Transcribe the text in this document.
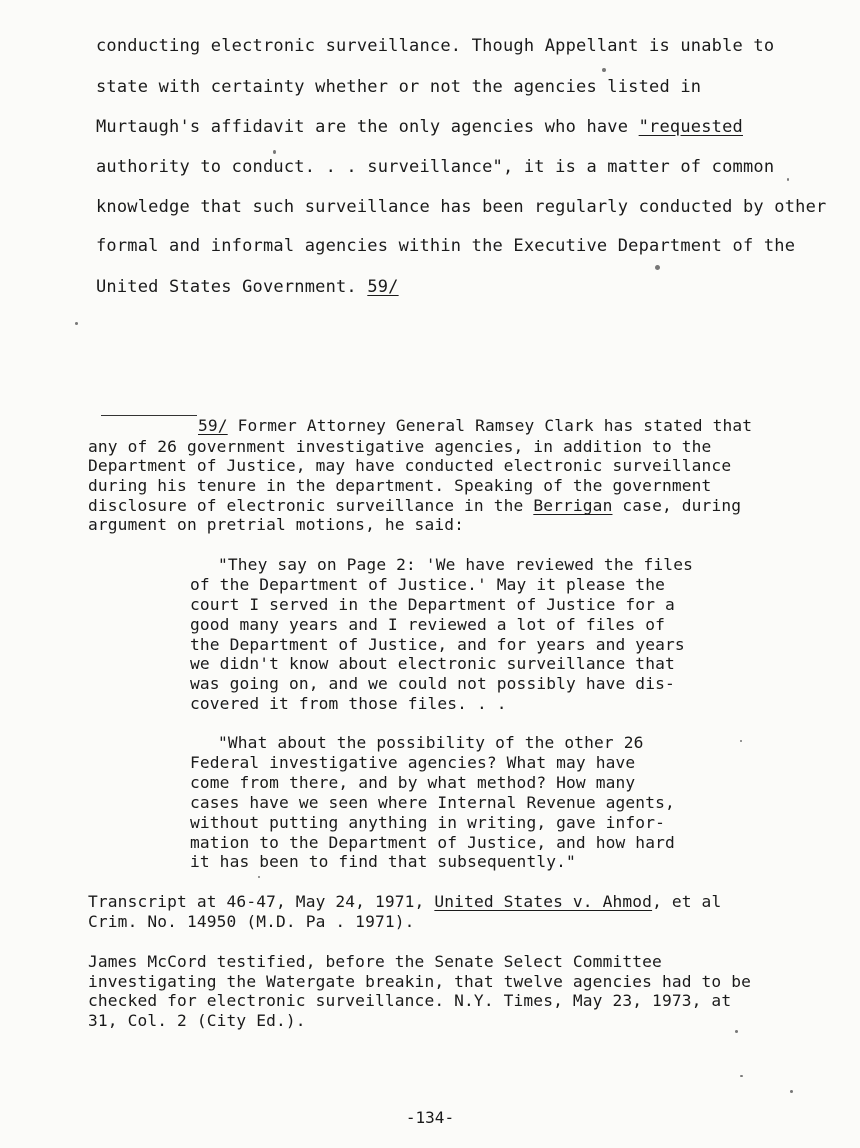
conducting electronic surveillance. Though Appellant is unable to
state with certainty whether or not the agencies listed in
Murtaugh's affidavit are the only agencies who have "requested
authority to conduct. . . surveillance", it is a matter of common
knowledge that such surveillance has been regularly conducted by other
formal and informal agencies within the Executive Department of the
United States Government. 59/
59/ Former Attorney General Ramsey Clark has stated that
any of 26 government investigative agencies, in addition to the
Department of Justice, may have conducted electronic surveillance
during his tenure in the department. Speaking of the government
disclosure of electronic surveillance in the Berrigan case, during
argument on pretrial motions, he said:
"They say on Page 2: 'We have reviewed the files
of the Department of Justice.' May it please the
court I served in the Department of Justice for a
good many years and I reviewed a lot of files of
the Department of Justice, and for years and years
we didn't know about electronic surveillance that
was going on, and we could not possibly have dis-
covered it from those files. . .
"What about the possibility of the other 26
Federal investigative agencies? What may have
come from there, and by what method? How many
cases have we seen where Internal Revenue agents,
without putting anything in writing, gave infor-
mation to the Department of Justice, and how hard
it has been to find that subsequently."
Transcript at 46-47, May 24, 1971, United States v. Ahmod, et al
Crim. No. 14950 (M.D. Pa . 1971).
James McCord testified, before the Senate Select Committee
investigating the Watergate breakin, that twelve agencies had to be
checked for electronic surveillance. N.Y. Times, May 23, 1973, at
31, Col. 2 (City Ed.).
-134-
